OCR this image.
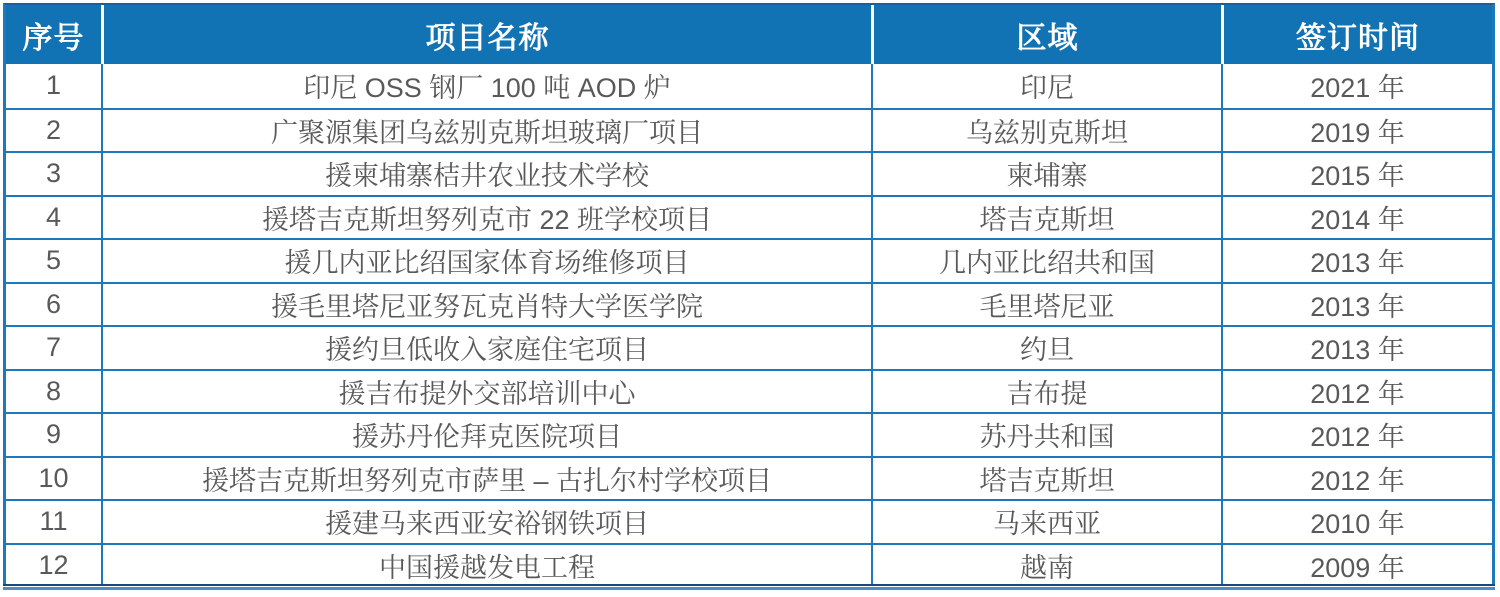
序号	项目名称	区域	签订时间
1	印尼 OSS 钢厂 100 吨 AOD 炉	印尼	2021 年
2	广聚源集团乌兹别克斯坦玻璃厂项目	乌兹别克斯坦	2019 年
3	援柬埔寨桔井农业技术学校	柬埔寨	2015 年
4	援塔吉克斯坦努列克市 22 班学校项目	塔吉克斯坦	2014 年
5	援几内亚比绍国家体育场维修项目	几内亚比绍共和国	2013 年
6	援毛里塔尼亚努瓦克肖特大学医学院	毛里塔尼亚	2013 年
7	援约旦低收入家庭住宅项目	约旦	2013 年
8	援吉布提外交部培训中心	吉布提	2012 年
9	援苏丹伦拜克医院项目	苏丹共和国	2012 年
10	援塔吉克斯坦努列克市萨里 – 古扎尔村学校项目	塔吉克斯坦	2012 年
11	援建马来西亚安裕钢铁项目	马来西亚	2010 年
12	中国援越发电工程	越南	2009 年
